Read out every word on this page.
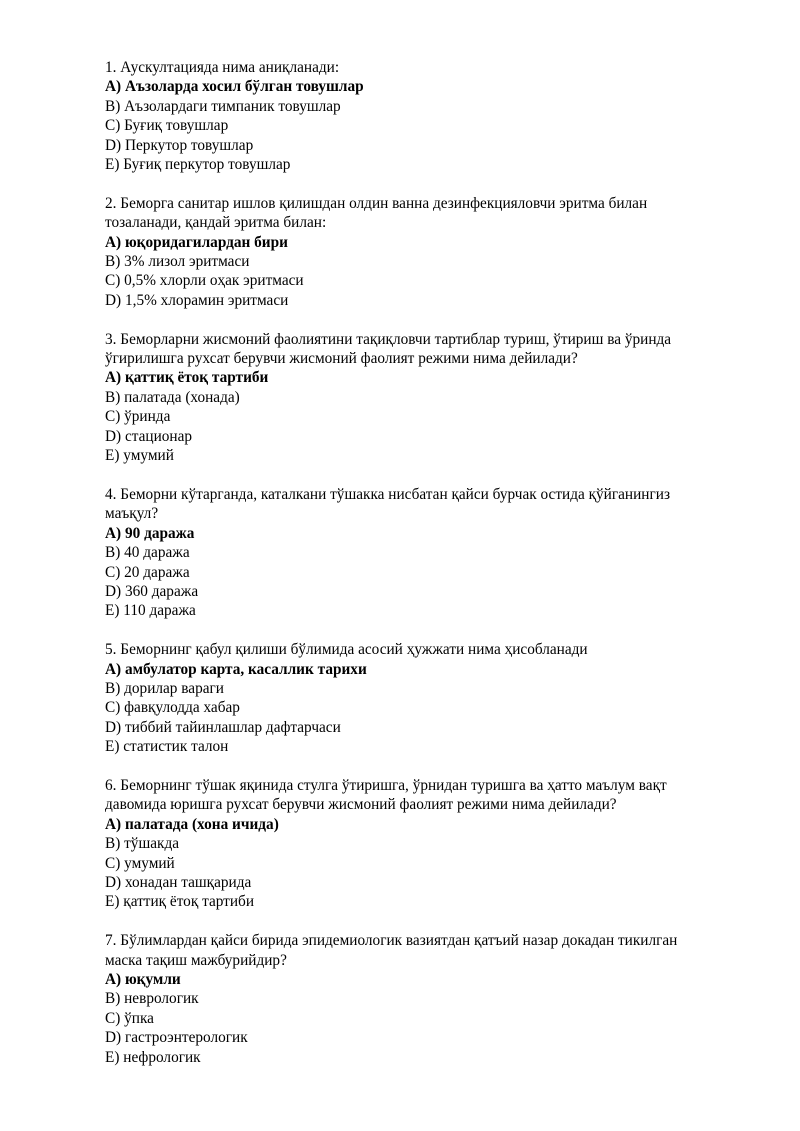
1. Аускултацияда нима аниқланади:
А) Аъзоларда хосил бўлган товушлар
B) Аъзолардаги тимпаник товушлар
C) Буғиқ товушлар
D) Перкутор товушлар
E) Буғиқ перкутор товушлар
2. Беморга санитар ишлов қилишдан олдин ванна дезинфекцияловчи эритма билан тозаланади, қандай эритма билан:
А) юқоридагилардан бири
B) 3% лизол эритмаси
C) 0,5% хлорли оҳак эритмаси
D) 1,5% хлорамин эритмаси
3. Беморларни жисмоний фаолиятини тақиқловчи тартиблар туриш, ўтириш ва ўринда ўгирилишга рухсат берувчи жисмоний фаолият режими нима дейилади?
А) қаттиқ ётоқ тартиби
B) палатада (хонада)
C) ўринда
D) стационар
E) умумий
4. Беморни кўтарганда, каталкани тўшакка нисбатан қайси бурчак остида қўйганингиз маъқул?
А) 90 даража
B) 40 даража
C) 20 даража
D) 360 даража
E) 110 даража
5. Беморнинг қабул қилиши бўлимида асосий ҳужжати нима ҳисобланади
А) амбулатор карта, касаллик тарихи
B) дорилар вараги
C) фавқулодда хабар
D) тиббий тайинлашлар дафтарчаси
E) статистик талон
6. Беморнинг тўшак яқинида стулга ўтиришга, ўрнидан туришга ва ҳатто маълум вақт давомида юришга рухсат берувчи жисмоний фаолият режими нима дейилади?
А) палатада (хона ичида)
B) тўшакда
C) умумий
D) хонадан ташқарида
E) қаттиқ ётоқ тартиби
7. Бўлимлардан қайси бирида эпидемиологик вазиятдан қатъий назар докадан тикилган маска тақиш мажбурийдир?
А) юқумли
B) неврологик
C) ўпка
D) гастроэнтерологик
E) нефрологик
